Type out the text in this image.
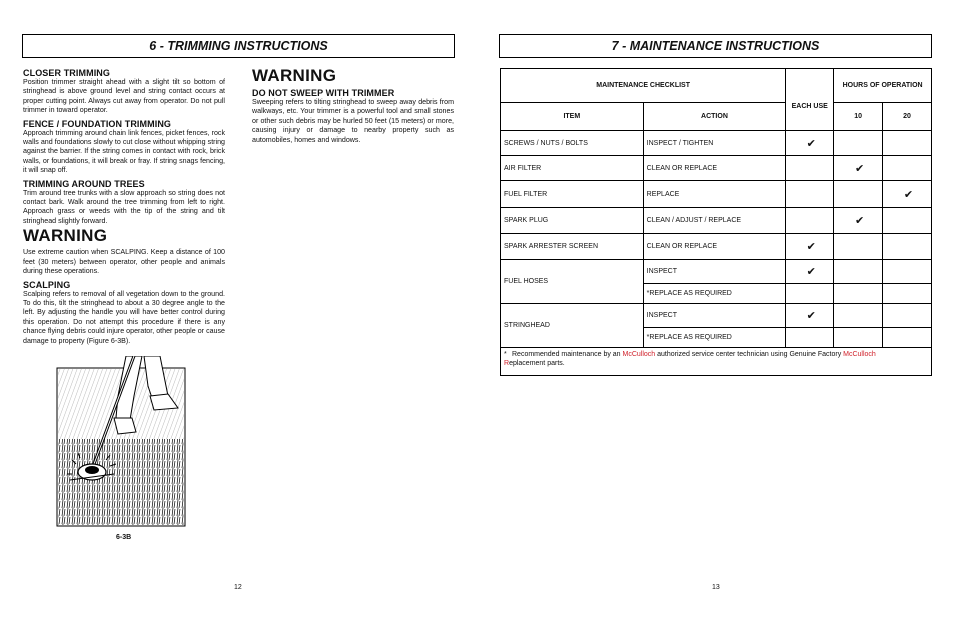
6 - TRIMMING INSTRUCTIONS
CLOSER TRIMMING
Position trimmer straight ahead with a slight tilt so bottom of stringhead is above ground level and string contact occurs at proper cutting point. Always cut away from operator. Do not pull trimmer in toward operator.
FENCE / FOUNDATION TRIMMING
Approach trimming around chain link fences, picket fences, rock walls and foundations slowly to cut close without whipping string against the barrier. If the string comes in contact with rock, brick walls, or foundations, it will break or fray. If string snags fencing, it will snap off.
TRIMMING AROUND TREES
Trim around tree trunks with a slow approach so string does not contact bark. Walk around the tree trimming from left to right. Approach grass or weeds with the tip of the string and tilt stringhead slightly forward.
WARNING
Use extreme caution when SCALPING. Keep a distance of 100 feet (30 meters) between operator, other people and animals during these operations.
SCALPING
Scalping refers to removal of all vegetation down to the ground. To do this, tilt the stringhead to about a 30 degree angle to the left. By adjusting the handle you will have better control during this operation. Do not attempt this procedure if there is any chance flying debris could injure operator, other people or cause damage to property (Figure 6-3B).
WARNING
DO NOT SWEEP WITH TRIMMER
Sweeping refers to tilting stringhead to sweep away debris from walkways, etc. Your trimmer is a powerful tool and small stones or other such debris may be hurled 50 feet (15 meters) or more, causing injury or damage to nearby property such as automobiles, homes and windows.
6-3B
12
7 - MAINTENANCE INSTRUCTIONS
MAINTENANCE CHECKLIST		EACH USE	HOURS OF OPERATION	
ITEM	ACTION		10	20
SCREWS / NUTS / BOLTS	INSPECT / TIGHTEN	✔		
AIR FILTER	CLEAN OR REPLACE		✔	
FUEL FILTER	REPLACE			✔
SPARK PLUG	CLEAN / ADJUST / REPLACE		✔	
SPARK ARRESTER SCREEN	CLEAN OR REPLACE	✔		
FUEL HOSES	INSPECT	✔		
	*REPLACE AS REQUIRED			
STRINGHEAD	INSPECT	✔		
	*REPLACE AS REQUIRED			
* Recommended maintenance by an McCulloch authorized service center technician using Genuine Factory McCulloch
Replacement parts.				
13
